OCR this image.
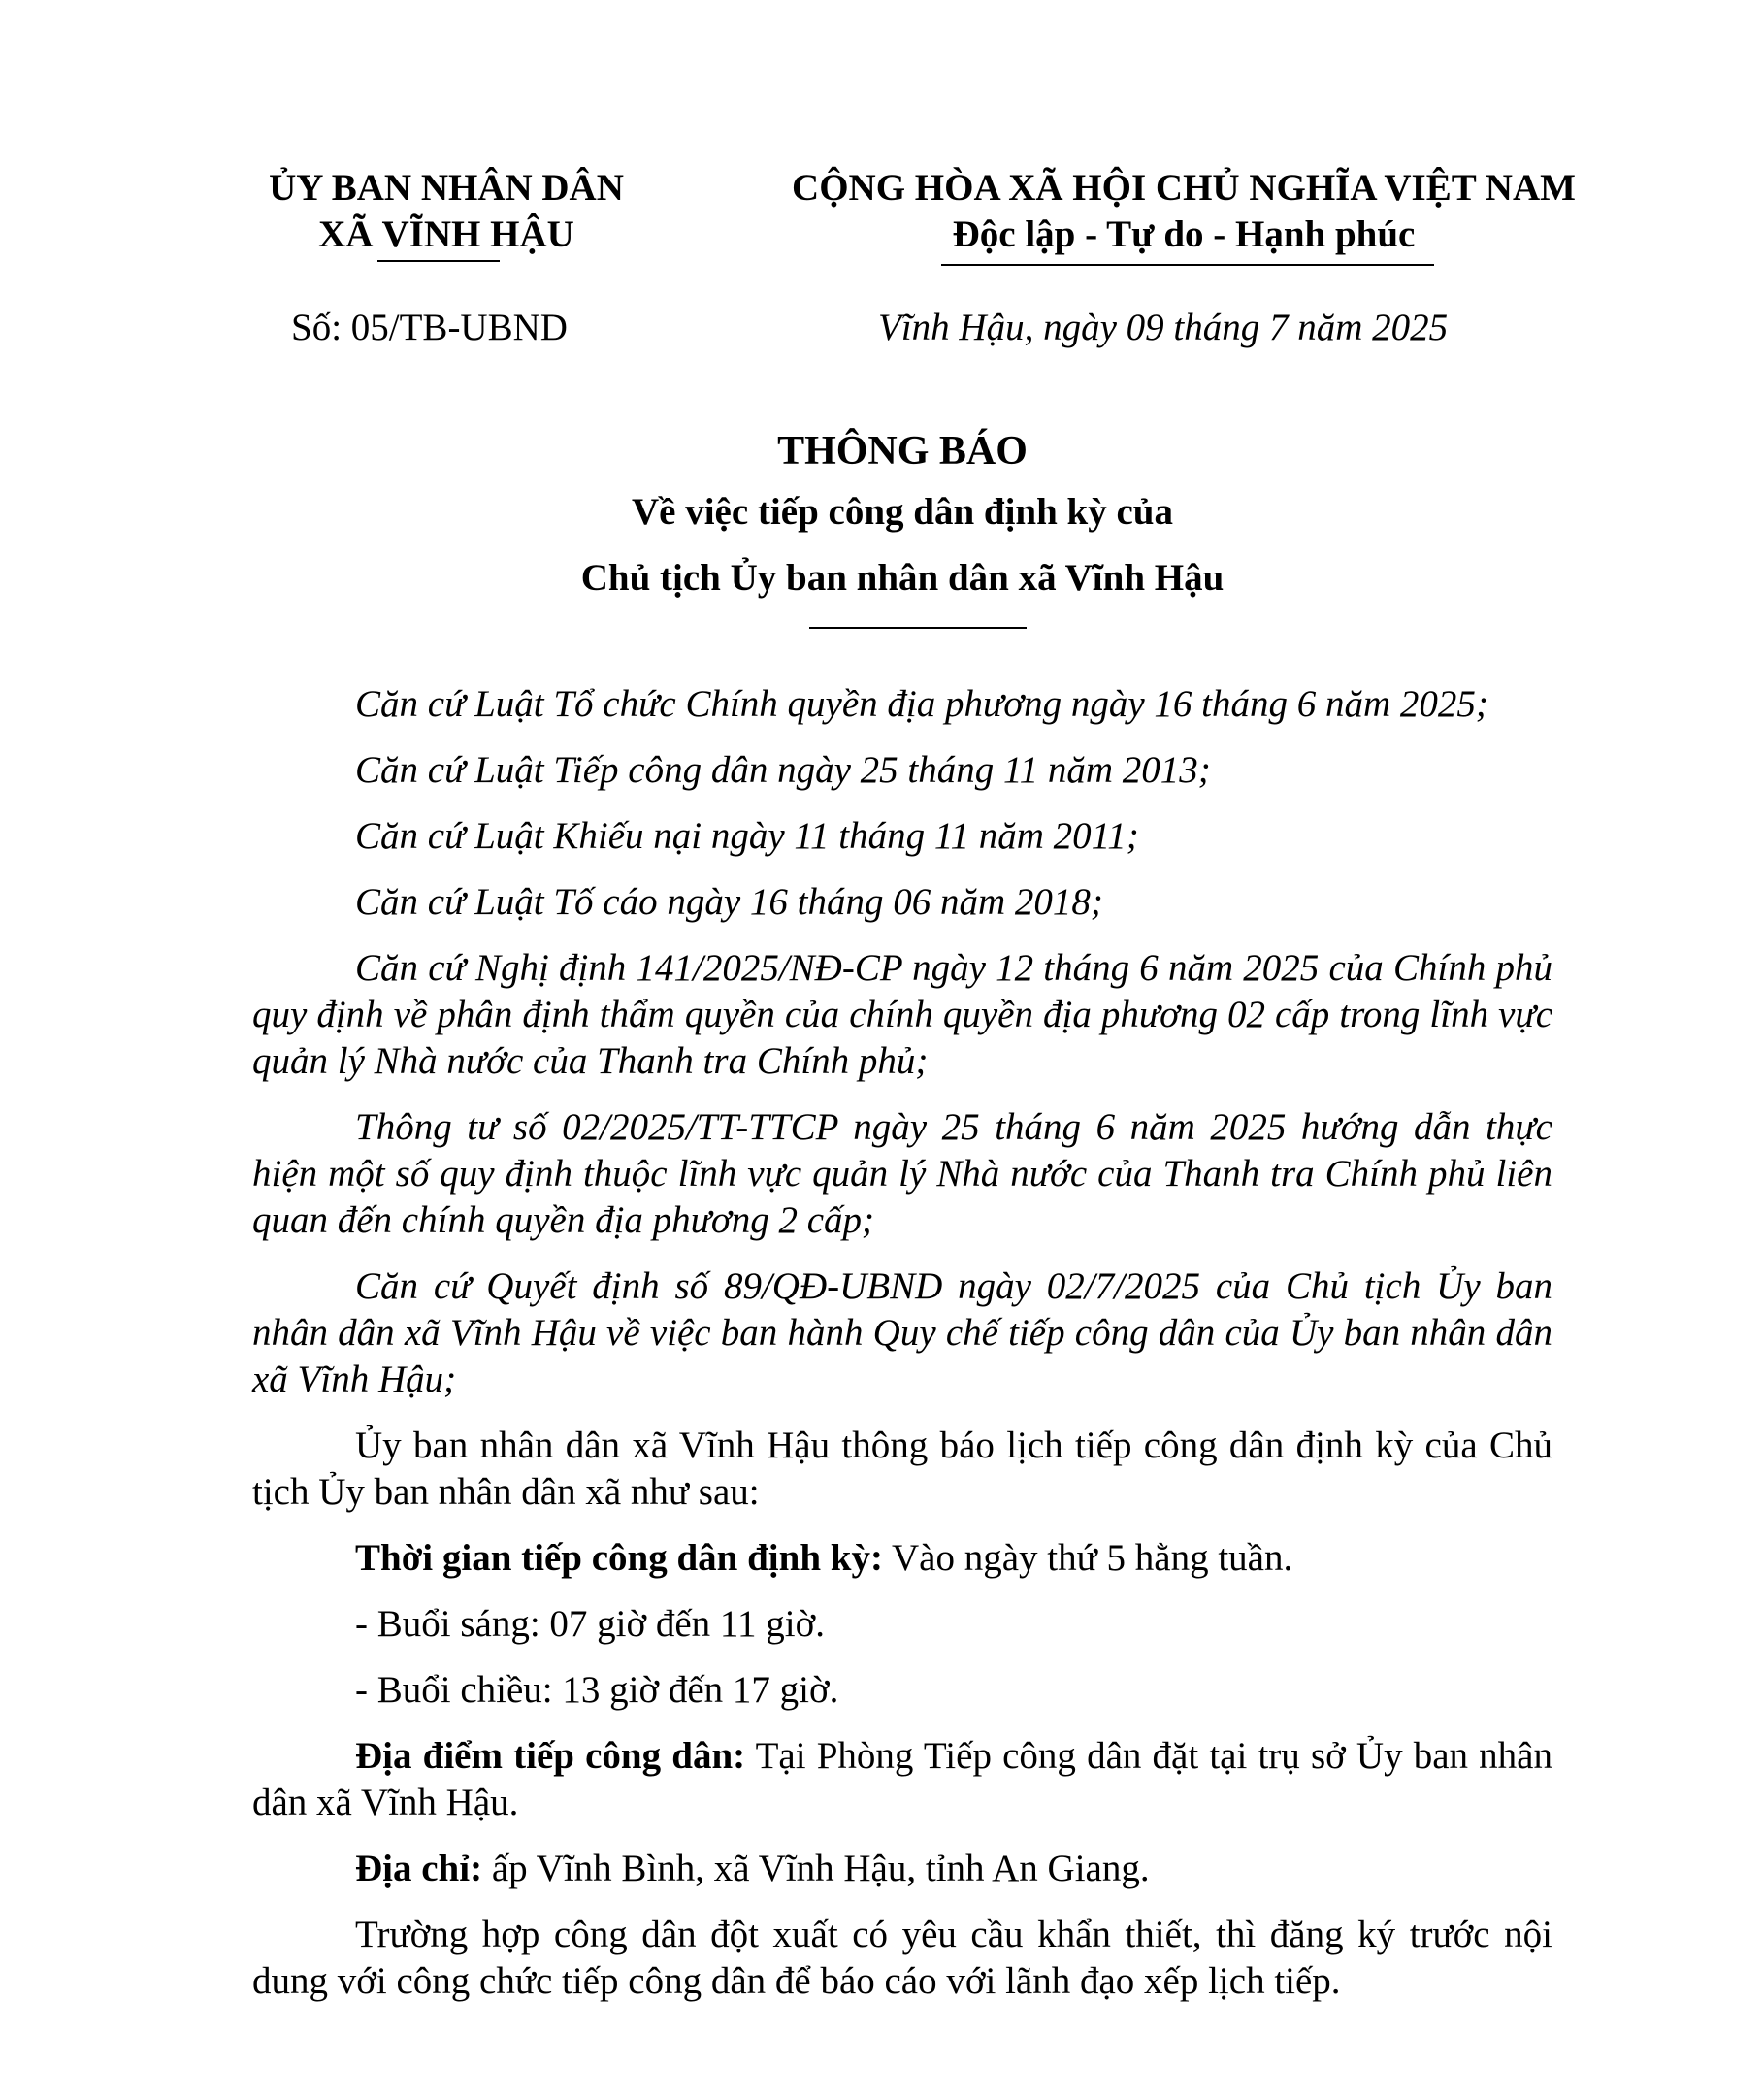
ỦY BAN NHÂN DÂN
XÃ VĨNH HẬU
CỘNG HÒA XÃ HỘI CHỦ NGHĨA VIỆT NAM
Độc lập - Tự do - Hạnh phúc
Số: 05/TB-UBND	Vĩnh Hậu, ngày 09 tháng 7 năm 2025
THÔNG BÁO
Về việc tiếp công dân định kỳ của
Chủ tịch Ủy ban nhân dân xã Vĩnh Hậu

Căn cứ Luật Tổ chức Chính quyền địa phương ngày 16 tháng 6 năm 2025;

Căn cứ Luật Tiếp công dân ngày 25 tháng 11 năm 2013;

Căn cứ Luật Khiếu nại ngày 11 tháng 11 năm 2011;

Căn cứ Luật Tố cáo ngày 16 tháng 06 năm 2018;

Căn cứ Nghị định 141/2025/NĐ-CP ngày 12 tháng 6 năm 2025 của Chính phủ quy định về phân định thẩm quyền của chính quyền địa phương 02 cấp trong lĩnh vực quản lý Nhà nước của Thanh tra Chính phủ;

Thông tư số 02/2025/TT-TTCP ngày 25 tháng 6 năm 2025 hướng dẫn thực hiện một số quy định thuộc lĩnh vực quản lý Nhà nước của Thanh tra Chính phủ liên quan đến chính quyền địa phương 2 cấp;

Căn cứ Quyết định số 89/QĐ-UBND ngày 02/7/2025 của Chủ tịch Ủy ban nhân dân xã Vĩnh Hậu về việc ban hành Quy chế tiếp công dân của Ủy ban nhân dân xã Vĩnh Hậu;

Ủy ban nhân dân xã Vĩnh Hậu thông báo lịch tiếp công dân định kỳ của Chủ tịch Ủy ban nhân dân xã như sau:

Thời gian tiếp công dân định kỳ: Vào ngày thứ 5 hằng tuần.

- Buổi sáng: 07 giờ đến 11 giờ.

- Buổi chiều: 13 giờ đến 17 giờ.

Địa điểm tiếp công dân: Tại Phòng Tiếp công dân đặt tại trụ sở Ủy ban nhân dân xã Vĩnh Hậu.

Địa chỉ: ấp Vĩnh Bình, xã Vĩnh Hậu, tỉnh An Giang.

Trường hợp công dân đột xuất có yêu cầu khẩn thiết, thì đăng ký trước nội dung với công chức tiếp công dân để báo cáo với lãnh đạo xếp lịch tiếp.
